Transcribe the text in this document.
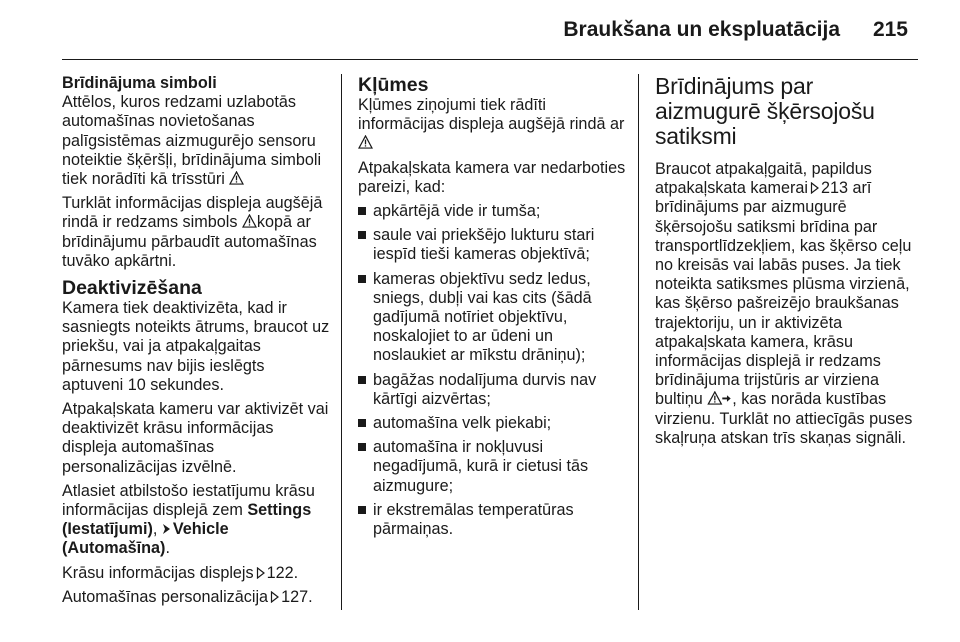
Braukšana un ekspluatācija 215
Brīdinājuma simboli

Attēlos, kuros redzami uzlabotās automašīnas novietošanas palīgsistēmas aizmugurējo sensoru noteiktie šķēršļi, brīdinājuma simboli tiek norādīti kā trīsstūri

Turklāt informācijas displeja augšējā rindā ir redzams simbols kopā ar brīdinājumu pārbaudīt automašīnas tuvāko apkārtni.

Deaktivizēšana

Kamera tiek deaktivizēta, kad ir sasniegts noteikts ātrums, braucot uz priekšu, vai ja atpakaļgaitas pārnesums nav bijis ieslēgts aptuveni 10 sekundes.

Atpakaļskata kameru var aktivizēt vai deaktivizēt krāsu informācijas displeja automašīnas personalizācijas izvēlnē.

Atlasiet atbilstošo iestatījumu krāsu informācijas displejā zem Settings (Iestatījumi), Vehicle (Automašīna).

Krāsu informācijas displejs 122.

Automašīnas personalizācija 127.

Kļūmes

Kļūmes ziņojumi tiek rādīti informācijas displeja augšējā rindā ar

Atpakaļskata kamera var nedarboties pareizi, kad:

apkārtējā vide ir tumša;
saule vai priekšējo lukturu stari iespīd tieši kameras objektīvā;
kameras objektīvu sedz ledus, sniegs, dubļi vai kas cits (šādā gadījumā notīriet objektīvu, noskalojiet to ar ūdeni un noslaukiet ar mīkstu drāniņu);
bagāžas nodalījuma durvis nav kārtīgi aizvērtas;
automašīna velk piekabi;
automašīna ir nokļuvusi negadījumā, kurā ir cietusi tās aizmugure;
ir ekstremālas temperatūras pārmaiņas.
Brīdinājums par aizmugurē šķērsojošu satiksmi

Braucot atpakaļgaitā, papildus atpakaļskata kamerai 213 arī brīdinājums par aizmugurē šķērsojošu satiksmi brīdina par transportlīdzekļiem, kas šķērso ceļu no kreisās vai labās puses. Ja tiek noteikta satiksmes plūsma virzienā, kas šķērso pašreizējo braukšanas trajektoriju, un ir aktivizēta atpakaļskata kamera, krāsu informācijas displejā ir redzams brīdinājuma trijstūris ar virziena bultiņu , kas norāda kustības virzienu. Turklāt no attiecīgās puses skaļruņa atskan trīs skaņas signāli.
